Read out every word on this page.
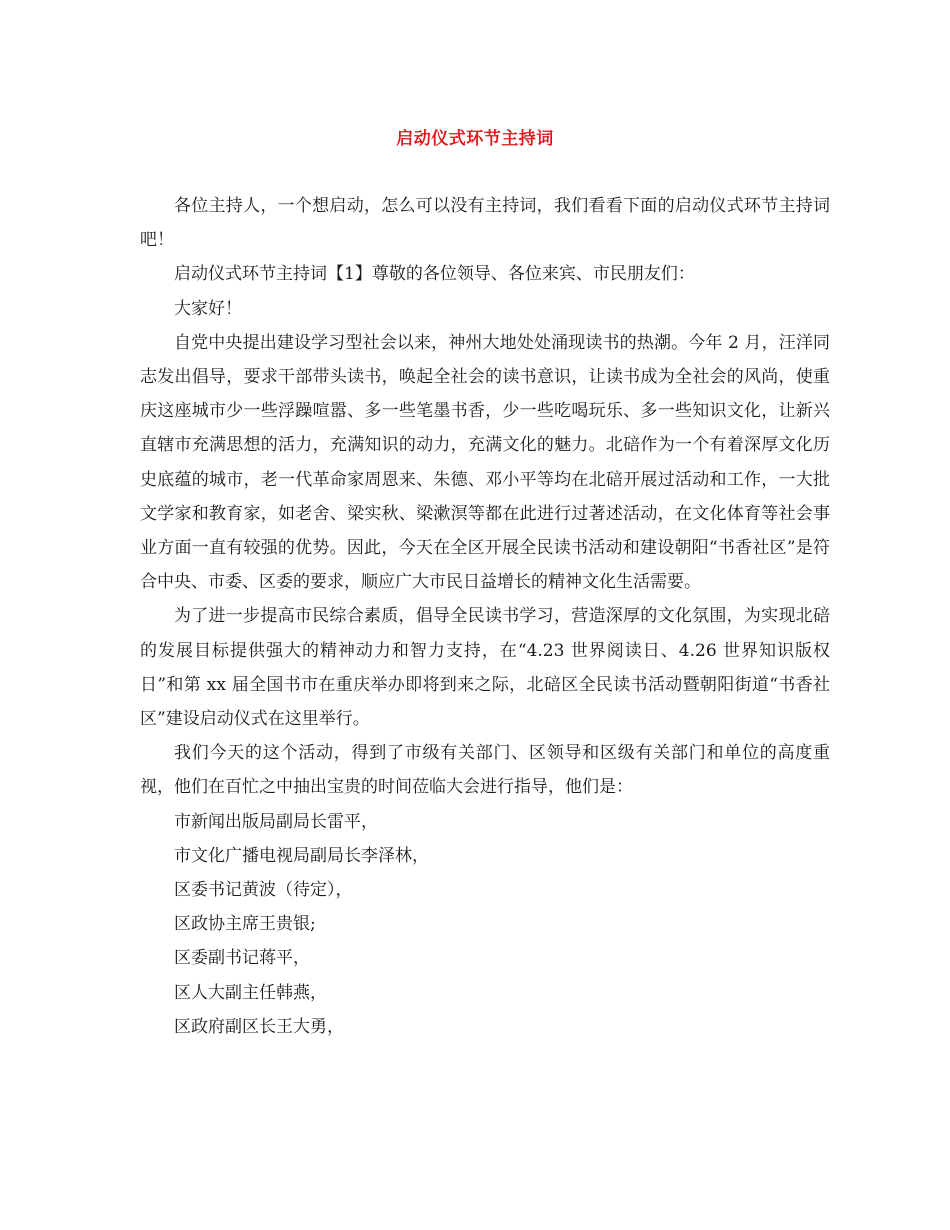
启动仪式环节主持词

各位主持人，一个想启动，怎么可以没有主持词，我们看看下面的启动仪式环节主持词吧！

启动仪式环节主持词【1】尊敬的各位领导、各位来宾、市民朋友们：

大家好！

自党中央提出建设学习型社会以来，神州大地处处涌现读书的热潮。今年 2 月，汪洋同志发出倡导，要求干部带头读书，唤起全社会的读书意识，让读书成为全社会的风尚，使重庆这座城市少一些浮躁喧嚣、多一些笔墨书香，少一些吃喝玩乐、多一些知识文化，让新兴直辖市充满思想的活力，充满知识的动力，充满文化的魅力。北碚作为一个有着深厚文化历史底蕴的城市，老一代革命家周恩来、朱德、邓小平等均在北碚开展过活动和工作，一大批文学家和教育家，如老舍、梁实秋、梁漱溟等都在此进行过著述活动，在文化体育等社会事业方面一直有较强的优势。因此，今天在全区开展全民读书活动和建设朝阳“书香社区”是符合中央、市委、区委的要求，顺应广大市民日益增长的精神文化生活需要。

为了进一步提高市民综合素质，倡导全民读书学习，营造深厚的文化氛围，为实现北碚的发展目标提供强大的精神动力和智力支持，在“4.23 世界阅读日、4.26 世界知识版权日”和第 xx 届全国书市在重庆举办即将到来之际，北碚区全民读书活动暨朝阳街道“书香社区”建设启动仪式在这里举行。

我们今天的这个活动，得到了市级有关部门、区领导和区级有关部门和单位的高度重视，他们在百忙之中抽出宝贵的时间莅临大会进行指导，他们是：

市新闻出版局副局长雷平，

市文化广播电视局副局长李泽林，

区委书记黄波（待定），

区政协主席王贵银;

区委副书记蒋平，

区人大副主任韩燕，

区政府副区长王大勇，
